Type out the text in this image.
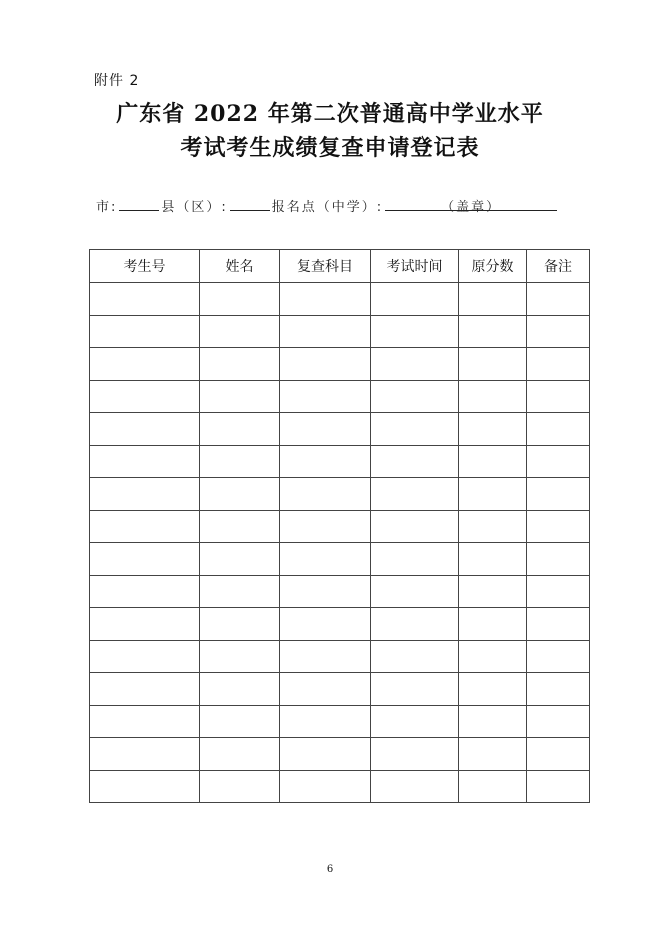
附件 2
广东省 2022 年第二次普通高中学业水平
考试考生成绩复查申请登记表
市:	县（区）:	报名点（中学）:	（盖章）
考生号	姓名	复查科目	考试时间	原分数	备注

6
